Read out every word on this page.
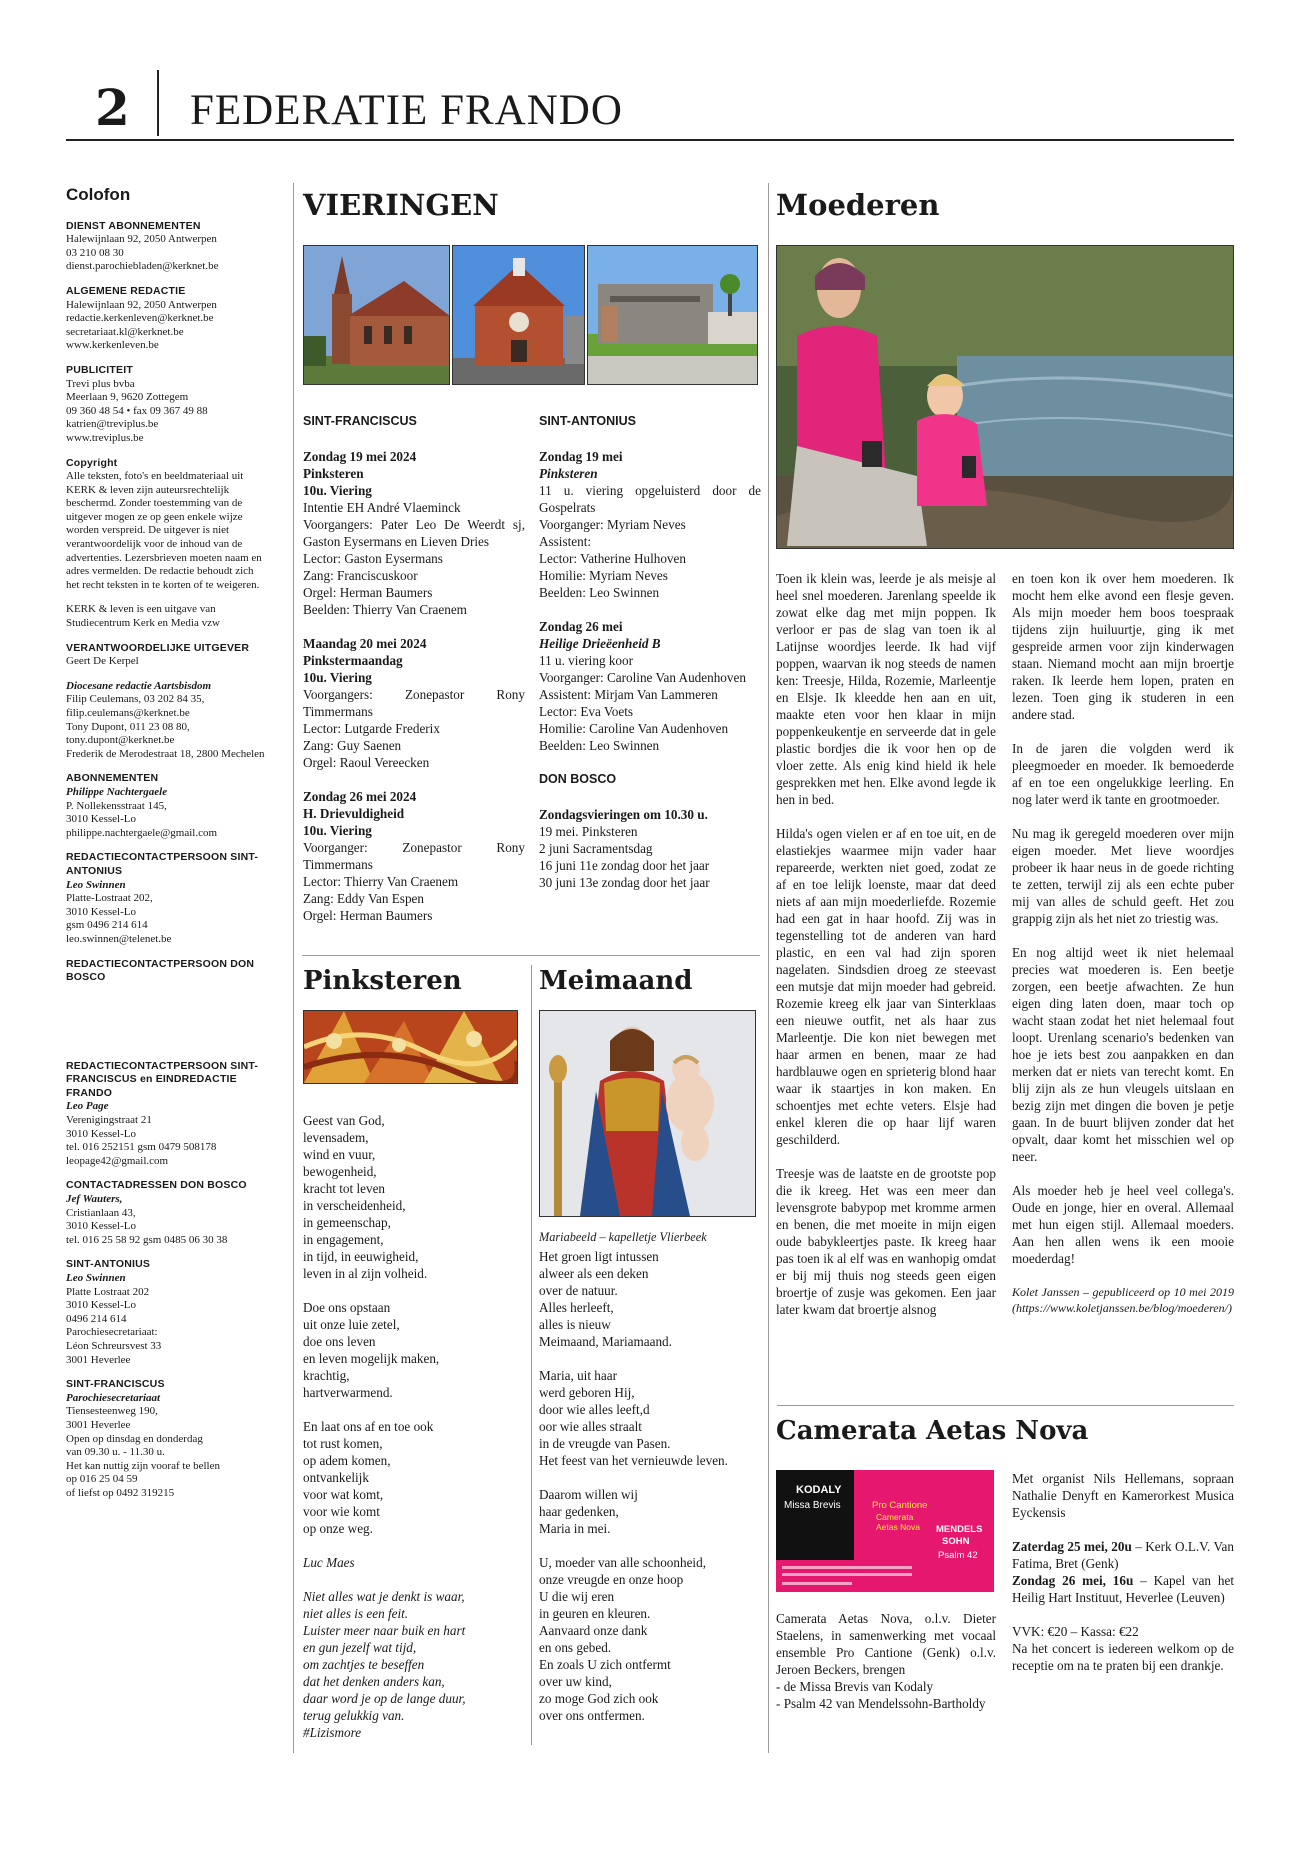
2 FEDERATIE FRANDO
Colofon
DIENST ABONNEMENTEN
Halewijnlaan 92, 2050 Antwerpen
03 210 08 30
dienst.parochiebladen@kerknet.be
ALGEMENE REDACTIE
Halewijnlaan 92, 2050 Antwerpen
redactie.kerkenleven@kerknet.be
secretariaat.kl@kerknet.be
www.kerkenleven.be
PUBLICITEIT
Trevi plus bvba
Meerlaan 9, 9620 Zottegem
09 360 48 54 • fax 09 367 49 88
katrien@treviplus.be
www.treviplus.be
Copyright
Alle teksten, foto's en beeldmateriaal uit
KERK & leven zijn auteursrechtelijk
beschermd. Zonder toestemming van de
uitgever mogen ze op geen enkele wijze
worden verspreid. De uitgever is niet
verantwoordelijk voor de inhoud van de
advertenties. Lezersbrieven moeten naam en
adres vermelden. De redactie behoudt zich
het recht teksten in te korten of te weigeren.
KERK & leven is een uitgave van
Studiecentrum Kerk en Media vzw
VERANTWOORDELIJKE UITGEVER
Geert De Kerpel
Diocesane redactie Aartsbisdom
Filip Ceulemans, 03 202 84 35,
filip.ceulemans@kerknet.be
Tony Dupont, 011 23 08 80,
tony.dupont@kerknet.be
Frederik de Merodestraat 18, 2800 Mechelen
ABONNEMENTEN
Philippe Nachtergaele
P. Nollekensstraat 145,
3010 Kessel-Lo
philippe.nachtergaele@gmail.com
REDACTIECONTACTPERSOON SINT-ANTONIUS
Leo Swinnen
Platte-Lostraat 202,
3010 Kessel-Lo
gsm 0496 214 614
leo.swinnen@telenet.be
REDACTIECONTACTPERSOON DON BOSCO
REDACTIECONTACTPERSOON SINT-FRANCISCUS en EINDREDACTIE FRANDO
Leo Page
Verenigingstraat 21
3010 Kessel-Lo
tel. 016 252151 gsm 0479 508178
leopage42@gmail.com
CONTACTADRESSEN DON BOSCO
Jef Wauters,
Cristianlaan 43,
3010 Kessel-Lo
tel. 016 25 58 92 gsm 0485 06 30 38
SINT-ANTONIUS
Leo Swinnen
Platte Lostraat 202
3010 Kessel-Lo
0496 214 614
Parochiesecretariaat:
Léon Schreursvest 33
3001 Heverlee
SINT-FRANCISCUS
Parochiesecretariaat
Tiensesteenweg 190,
3001 Heverlee
Open op dinsdag en donderdag
van 09.30 u. - 11.30 u.
Het kan nuttig zijn vooraf te bellen
op 016 25 04 59
of liefst op 0492 319215
VIERINGEN
SINT-FRANCISCUS
Zondag 19 mei 2024
Pinksteren
10u. Viering
Intentie EH André Vlaeminck
Voorgangers: Pater Leo De Weerdt sj, Gaston Eysermans en Lieven Dries
Lector: Gaston Eysermans
Zang: Franciscuskoor
Orgel: Herman Baumers
Beelden: Thierry Van Craenem
Maandag 20 mei 2024
Pinkstermaandag
10u. Viering
Voorgangers: Zonepastor Rony Timmermans
Lector: Lutgarde Frederix
Zang: Guy Saenen
Orgel: Raoul Vereecken
Zondag 26 mei 2024
H. Drievuldigheid
10u. Viering
Voorganger: Zonepastor Rony Timmermans
Lector: Thierry Van Craenem
Zang: Eddy Van Espen
Orgel: Herman Baumers
SINT-ANTONIUS
Zondag 19 mei
Pinksteren
11 u. viering opgeluisterd door de Gospelrats
Voorganger: Myriam Neves
Assistent:
Lector: Vatherine Hulhoven
Homilie: Myriam Neves
Beelden: Leo Swinnen
Zondag 26 mei
Heilige Drieëenheid B
11 u. viering koor
Voorganger: Caroline Van Audenhoven
Assistent: Mirjam Van Lammeren
Lector: Eva Voets
Homilie: Caroline Van Audenhoven
Beelden: Leo Swinnen
DON BOSCO
Zondagsvieringen om 10.30 u.
19 mei. Pinksteren
2 juni Sacramentsdag
16 juni 11e zondag door het jaar
30 juni 13e zondag door het jaar
Pinksteren
Geest van God,
levensadem,
wind en vuur,
bewogenheid,
kracht tot leven
in verscheidenheid,
in gemeenschap,
in engagement,
in tijd, in eeuwigheid,
leven in al zijn volheid.
Doe ons opstaan
uit onze luie zetel,
doe ons leven
en leven mogelijk maken,
krachtig,
hartverwarmend.
En laat ons af en toe ook
tot rust komen,
op adem komen,
ontvankelijk
voor wat komt,
voor wie komt
op onze weg.
Luc Maes
Niet alles wat je denkt is waar,
niet alles is een feit.
Luister meer naar buik en hart
en gun jezelf wat tijd,
om zachtjes te beseffen
dat het denken anders kan,
daar word je op de lange duur,
terug gelukkig van.
#Lizismore
Meimaand
Mariabeeld – kapelletje Vlierbeek
Het groen ligt intussen
alweer als een deken
over de natuur.
Alles herleeft,
alles is nieuw
Meimaand, Mariamaand.
Maria, uit haar
werd geboren Hij,
door wie alles leeft,d
oor wie alles straalt
in de vreugde van Pasen.
Het feest van het vernieuwde leven.
Daarom willen wij
haar gedenken,
Maria in mei.
U, moeder van alle schoonheid,
onze vreugde en onze hoop
U die wij eren
in geuren en kleuren.
Aanvaard onze dank
en ons gebed.
En zoals U zich ontfermt
over uw kind,
zo moge God zich ook
over ons ontfermen.
Moederen
Toen ik klein was, leerde je als meisje al heel snel moederen. Jarenlang speelde ik zowat elke dag met mijn poppen. Ik verloor er pas de slag van toen ik al Latijnse woordjes leerde. Ik had vijf poppen, waarvan ik nog steeds de namen ken: Treesje, Hilda, Rozemie, Marleentje en Elsje. Ik kleedde hen aan en uit, maakte eten voor hen klaar in mijn poppenkeukentje en serveerde dat in gele plastic bordjes die ik voor hen op de vloer zette. Als enig kind hield ik hele gesprekken met hen. Elke avond legde ik hen in bed.
Hilda's ogen vielen er af en toe uit, en de elastiekjes waarmee mijn vader haar repareerde, werkten niet goed, zodat ze af en toe lelijk loenste, maar dat deed niets af aan mijn moederliefde. Rozemie had een gat in haar hoofd. Zij was in tegenstelling tot de anderen van hard plastic, en een val had zijn sporen nagelaten. Sindsdien droeg ze steevast een mutsje dat mijn moeder had gebreid. Rozemie kreeg elk jaar van Sinterklaas een nieuwe outfit, net als haar zus Marleentje. Die kon niet bewegen met haar armen en benen, maar ze had hardblauwe ogen en sprieterig blond haar waar ik staartjes in kon maken. En schoentjes met echte veters. Elsje had enkel kleren die op haar lijf waren geschilderd.
Treesje was de laatste en de grootste pop die ik kreeg. Het was een meer dan levensgrote babypop met kromme armen en benen, die met moeite in mijn eigen oude babykleertjes paste. Ik kreeg haar pas toen ik al elf was en wanhopig omdat er bij mij thuis nog steeds geen eigen broertje of zusje was gekomen. Een jaar later kwam dat broertje alsnog
en toen kon ik over hem moederen. Ik mocht hem elke avond een flesje geven. Als mijn moeder hem boos toespraak tijdens zijn huiluurtje, ging ik met gespreide armen voor zijn kinderwagen staan. Niemand mocht aan mijn broertje raken. Ik leerde hem lopen, praten en lezen. Toen ging ik studeren in een andere stad.
In de jaren die volgden werd ik pleegmoeder en moeder. Ik bemoederde af en toe een ongelukkige leerling. En nog later werd ik tante en grootmoeder.
Nu mag ik geregeld moederen over mijn eigen moeder. Met lieve woordjes probeer ik haar neus in de goede richting te zetten, terwijl zij als een echte puber mij van alles de schuld geeft. Het zou grappig zijn als het niet zo triestig was.
En nog altijd weet ik niet helemaal precies wat moederen is. Een beetje zorgen, een beetje afwachten. Ze hun eigen ding laten doen, maar toch op wacht staan zodat het niet helemaal fout loopt. Urenlang scenario's bedenken van hoe je iets best zou aanpakken en dan merken dat er niets van terecht komt. En blij zijn als ze hun vleugels uitslaan en bezig zijn met dingen die boven je petje gaan. In de buurt blijven zonder dat het opvalt, daar komt het misschien wel op neer.
Als moeder heb je heel veel collega's. Oude en jonge, hier en overal. Allemaal met hun eigen stijl. Allemaal moeders. Aan hen allen wens ik een mooie moederdag!
Kolet Janssen – gepubliceerd op 10 mei 2019 (https://www.koletjanssen.be/blog/moederen/)
Camerata Aetas Nova
KODALY
Missa Brevis	Pro Cantione
Camerata
Aetas Nova MENDELS
SOHN
Psalm 42
Camerata Aetas Nova, o.l.v. Dieter Staelens, in samenwerking met vocaal ensemble Pro Cantione (Genk) o.l.v. Jeroen Beckers, brengen
- de Missa Brevis van Kodaly
- Psalm 42 van Mendelssohn-Bartholdy
Met organist Nils Hellemans, sopraan Nathalie Denyft en Kamerorkest Musica Eyckensis
Zaterdag 25 mei, 20u – Kerk O.L.V. Van Fatima, Bret (Genk)
Zondag 26 mei, 16u – Kapel van het Heilig Hart Instituut, Heverlee (Leuven)
VVK: €20 – Kassa: €22
Na het concert is iedereen welkom op de receptie om na te praten bij een drankje.
